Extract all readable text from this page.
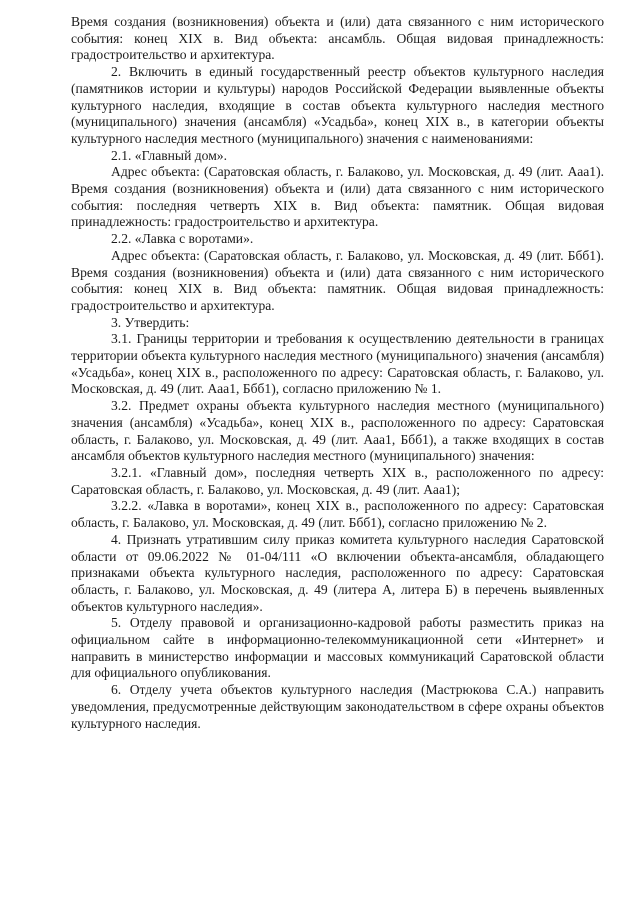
Время создания (возникновения) объекта и (или) дата связанного с ним исторического события: конец XIX в. Вид объекта: ансамбль. Общая видовая принадлежность: градостроительство и архитектура.

2. Включить в единый государственный реестр объектов культурного наследия (памятников истории и культуры) народов Российской Федерации выявленные объекты культурного наследия, входящие в состав объекта культурного наследия местного (муниципального) значения (ансамбля) «Усадьба», конец XIX в., в категории объекты культурного наследия местного (муниципального) значения с наименованиями:

2.1. «Главный дом».

Адрес объекта: (Саратовская область, г. Балаково, ул. Московская, д. 49 (лит. Ааа1). Время создания (возникновения) объекта и (или) дата связанного с ним исторического события: последняя четверть XIX в. Вид объекта: памятник. Общая видовая принадлежность: градостроительство и архитектура.

2.2. «Лавка с воротами».

Адрес объекта: (Саратовская область, г. Балаково, ул. Московская, д. 49 (лит. Ббб1). Время создания (возникновения) объекта и (или) дата связанного с ним исторического события: конец XIX в. Вид объекта: памятник. Общая видовая принадлежность: градостроительство и архитектура.

3. Утвердить:

3.1. Границы территории и требования к осуществлению деятельности в границах территории объекта культурного наследия местного (муниципального) значения (ансамбля) «Усадьба», конец XIX в., расположенного по адресу: Саратовская область, г. Балаково, ул. Московская, д. 49 (лит. Ааа1, Ббб1), согласно приложению № 1.

3.2. Предмет охраны объекта культурного наследия местного (муниципального) значения (ансамбля) «Усадьба», конец XIX в., расположенного по адресу: Саратовская область, г. Балаково, ул. Московская, д. 49 (лит. Ааа1, Ббб1), а также входящих в состав ансамбля объектов культурного наследия местного (муниципального) значения:

3.2.1. «Главный дом», последняя четверть XIX в., расположенного по адресу: Саратовская область, г. Балаково, ул. Московская, д. 49 (лит. Ааа1);

3.2.2. «Лавка в воротами», конец XIX в., расположенного по адресу: Саратовская область, г. Балаково, ул. Московская, д. 49 (лит. Ббб1), согласно приложению № 2.

4. Признать утратившим силу приказ комитета культурного наследия Саратовской области от 09.06.2022 № 01-04/111 «О включении объекта-ансамбля, обладающего признаками объекта культурного наследия, расположенного по адресу: Саратовская область, г. Балаково, ул. Московская, д. 49 (литера А, литера Б) в перечень выявленных объектов культурного наследия».

5. Отделу правовой и организационно-кадровой работы разместить приказ на официальном сайте в информационно-телекоммуникационной сети «Интернет» и направить в министерство информации и массовых коммуникаций Саратовской области для официального опубликования.

6. Отделу учета объектов культурного наследия (Мастрюкова С.А.) направить уведомления, предусмотренные действующим законодательством в сфере охраны объектов культурного наследия.
